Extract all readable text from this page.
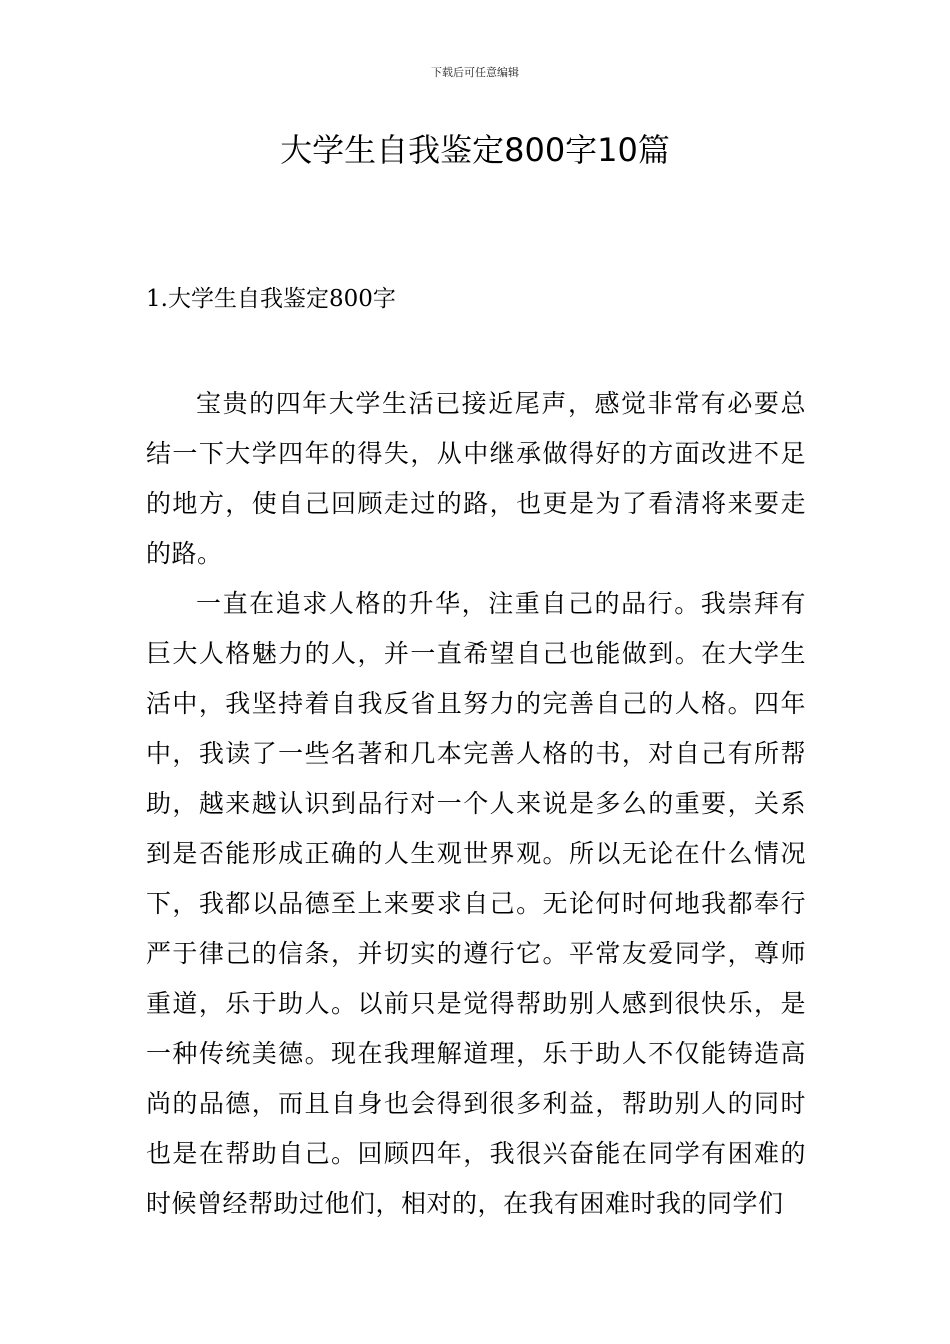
下载后可任意编辑
大学生自我鉴定800字10篇
1.大学生自我鉴定800字

宝贵的四年大学生活已接近尾声，感觉非常有必要总结一下大学四年的得失，从中继承做得好的方面改进不足的地方，使自己回顾走过的路，也更是为了看清将来要走的路。

一直在追求人格的升华，注重自己的品行。我崇拜有巨大人格魅力的人，并一直希望自己也能做到。在大学生活中，我坚持着自我反省且努力的完善自己的人格。四年中，我读了一些名著和几本完善人格的书，对自己有所帮助，越来越认识到品行对一个人来说是多么的重要，关系到是否能形成正确的人生观世界观。所以无论在什么情况下，我都以品德至上来要求自己。无论何时何地我都奉行严于律己的信条，并切实的遵行它。平常友爱同学，尊师重道，乐于助人。以前只是觉得帮助别人感到很快乐，是一种传统美德。现在我理解道理，乐于助人不仅能铸造高尚的品德，而且自身也会得到很多利益，帮助别人的同时也是在帮助自己。回顾四年，我很兴奋能在同学有困难的时候曾经帮助过他们，相对的，在我有困难时我的同学们
